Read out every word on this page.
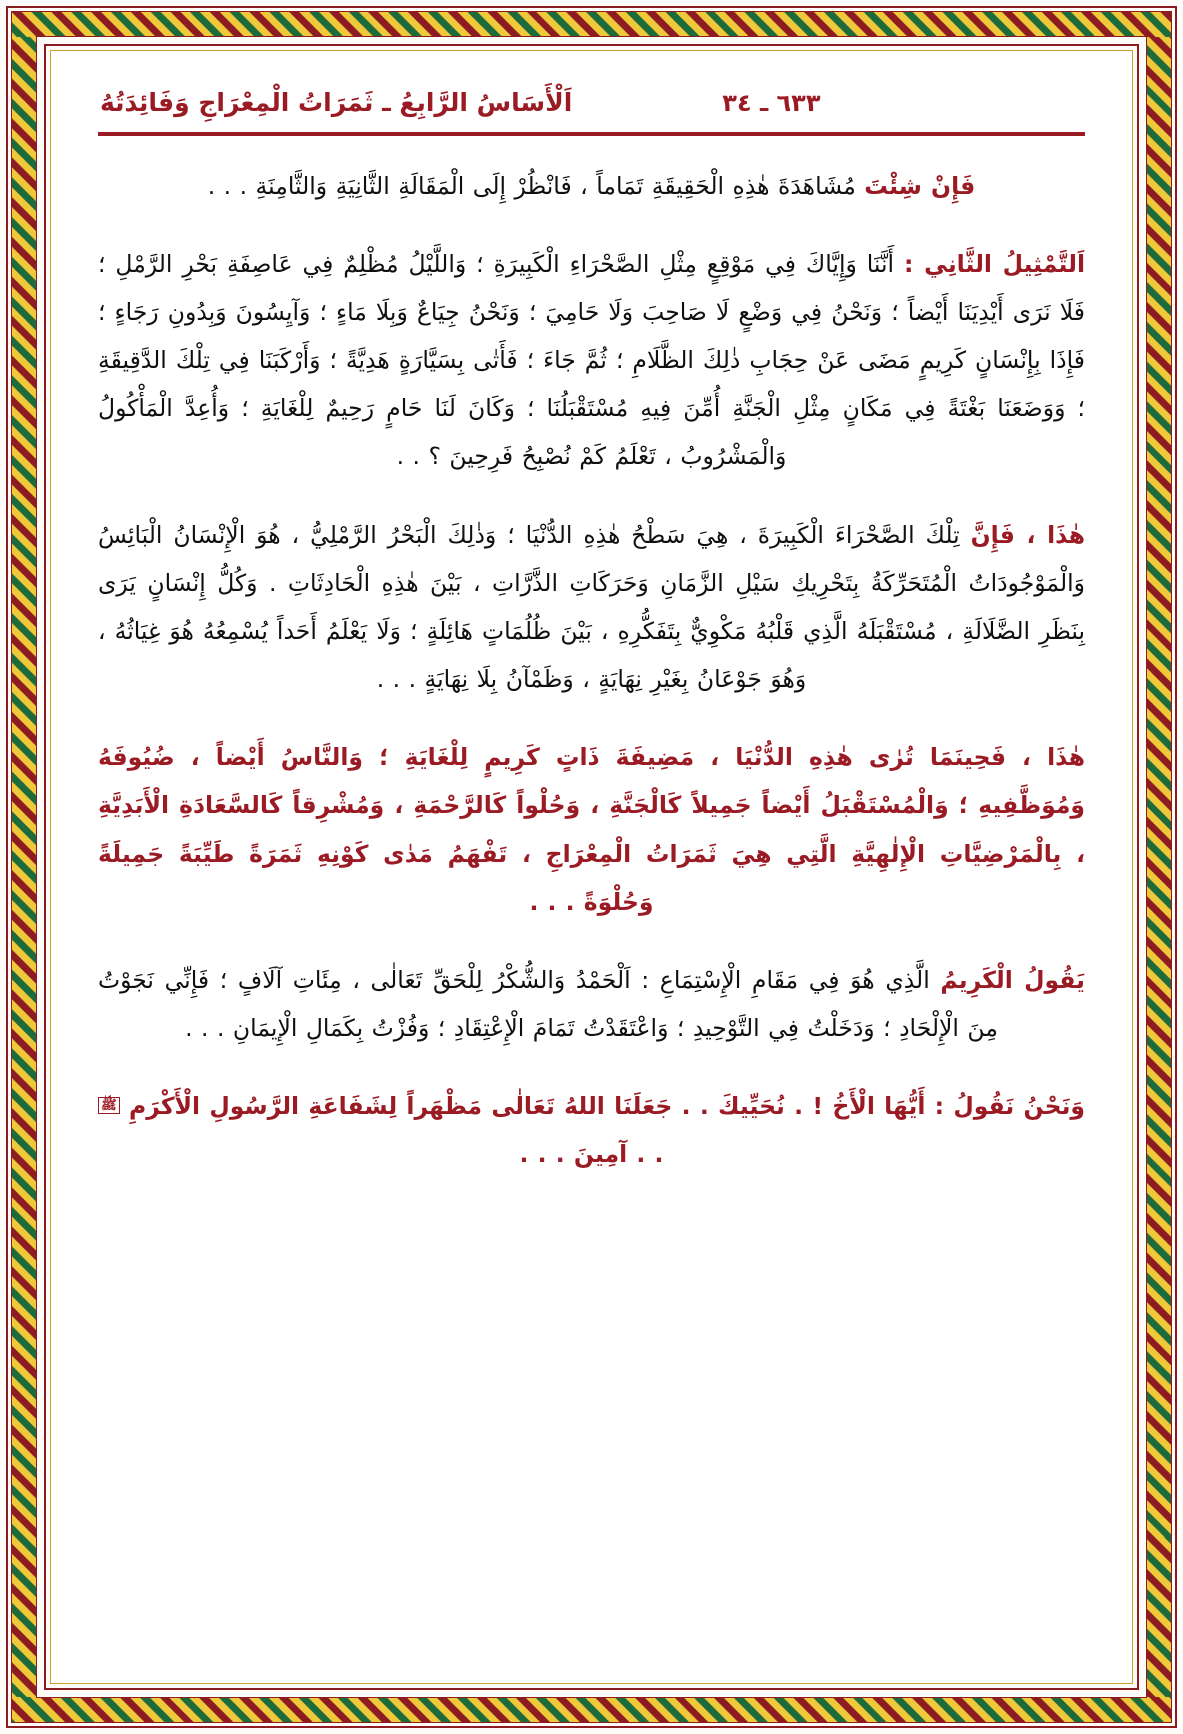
٦٣٣ ـ ٣٤
اَلْأَسَاسُ الرَّابِعُ ـ ثَمَرَاتُ الْمِعْرَاجِ وَفَائِدَتُهُ

فَإِنْ شِئْتَ مُشَاهَدَةَ هٰذِهِ الْحَقِيقَةِ تَمَاماً ، فَانْظُرْ إِلَى الْمَقَالَةِ الثَّانِيَةِ وَالثَّامِنَةِ . . .

اَلتَّمْثِيلُ الثَّانِي : أَنَّنَا وَإِيَّاكَ فِي مَوْقِعٍ مِثْلِ الصَّحْرَاءِ الْكَبِيرَةِ ؛ وَاللَّيْلُ مُظْلِمٌ فِي عَاصِفَةِ بَحْرِ الرَّمْلِ ؛ فَلَا نَرَى أَيْدِيَنَا أَيْضاً ؛ وَنَحْنُ فِي وَضْعٍ لَا صَاحِبَ وَلَا حَامِيَ ؛ وَنَحْنُ جِيَاعٌ وَبِلَا مَاءٍ ؛ وَآيِسُونَ وَبِدُونِ رَجَاءٍ ؛ فَإِذَا بِإِنْسَانٍ كَرِيمٍ مَضَى عَنْ حِجَابِ ذٰلِكَ الظَّلَامِ ؛ ثُمَّ جَاءَ ؛ فَأَتٰى بِسَيَّارَةٍ هَدِيَّةً ؛ وَأَرْكَبَنَا فِي تِلْكَ الدَّقِيقَةِ ؛ وَوَضَعَنَا بَغْتَةً فِي مَكَانٍ مِثْلِ الْجَنَّةِ أُمِّنَ فِيهِ مُسْتَقْبَلُنَا ؛ وَكَانَ لَنَا حَامٍ رَحِيمٌ لِلْغَايَةِ ؛ وَأُعِدَّ الْمَأْكُولُ وَالْمَشْرُوبُ ، تَعْلَمُ كَمْ نُصْبِحُ فَرِحِينَ ؟ . .

هٰذَا ، فَإِنَّ تِلْكَ الصَّحْرَاءَ الْكَبِيرَةَ ، هِيَ سَطْحُ هٰذِهِ الدُّنْيَا ؛ وَذٰلِكَ الْبَحْرُ الرَّمْلِيُّ ، هُوَ الْإِنْسَانُ الْبَائِسُ وَالْمَوْجُودَاتُ الْمُتَحَرِّكَةُ بِتَحْرِيكِ سَيْلِ الزَّمَانِ وَحَرَكَاتِ الذَّرَّاتِ ، بَيْنَ هٰذِهِ الْحَادِثَاتِ . وَكُلُّ إِنْسَانٍ يَرَى بِنَظَرِ الضَّلَالَةِ ، مُسْتَقْبَلَهُ الَّذِي قَلْبُهُ مَكْوِيٌّ بِتَفَكُّرِهِ ، بَيْنَ ظُلُمَاتٍ هَائِلَةٍ ؛ وَلَا يَعْلَمُ أَحَداً يُسْمِعُهُ هُوَ غِيَاثُهُ ، وَهُوَ جَوْعَانُ بِغَيْرِ نِهَايَةٍ ، وَظَمْآنُ بِلَا نِهَايَةٍ . . .

هٰذَا ، فَحِينَمَا تُرٰى هٰذِهِ الدُّنْيَا ، مَضِيفَةَ ذَاتٍ كَرِيمٍ لِلْغَايَةِ ؛ وَالنَّاسُ أَيْضاً ، ضُيُوفَهُ وَمُوَظَّفِيهِ ؛ وَالْمُسْتَقْبَلُ أَيْضاً جَمِيلاً كَالْجَنَّةِ ، وَحُلْواً كَالرَّحْمَةِ ، وَمُشْرِقاً كَالسَّعَادَةِ الْأَبَدِيَّةِ ، بِالْمَرْضِيَّاتِ الْإِلٰهِيَّةِ الَّتِي هِيَ ثَمَرَاتُ الْمِعْرَاجِ ، تَفْهَمُ مَدٰى كَوْنِهِ ثَمَرَةً طَيِّبَةً جَمِيلَةً وَحُلْوَةً . . .

يَقُولُ الْكَرِيمُ الَّذِي هُوَ فِي مَقَامِ الْإِسْتِمَاعِ : اَلْحَمْدُ وَالشُّكْرُ لِلْحَقِّ تَعَالٰى ، مِئَاتِ آلَافٍ ؛ فَإِنِّي نَجَوْتُ مِنَ الْإِلْحَادِ ؛ وَدَخَلْتُ فِي التَّوْحِيدِ ؛ وَاعْتَقَدْتُ تَمَامَ الْإِعْتِقَادِ ؛ وَفُزْتُ بِكَمَالِ الْإِيمَانِ . . .

وَنَحْنُ نَقُولُ : أَيُّهَا الْأَخُ ! . نُحَيِّيكَ . . جَعَلَنَا اللهُ تَعَالٰى مَظْهَراً لِشَفَاعَةِ الرَّسُولِ الْأَكْرَمِ ﷺ . . آمِينَ . . .
